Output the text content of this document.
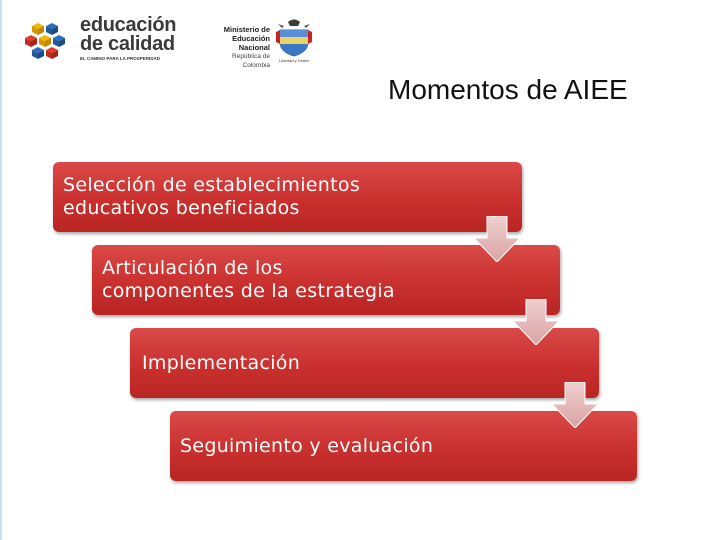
educación
de calidad
EL CAMINO PARA LA PROSPERIDAD
Ministerio de
Educación Nacional
República de Colombia
Libertad y Orden
Momentos de AIEE
Selección de establecimientos
educativos beneficiados
Articulación de los
componentes de la estrategia
Implementación
Seguimiento y evaluación
